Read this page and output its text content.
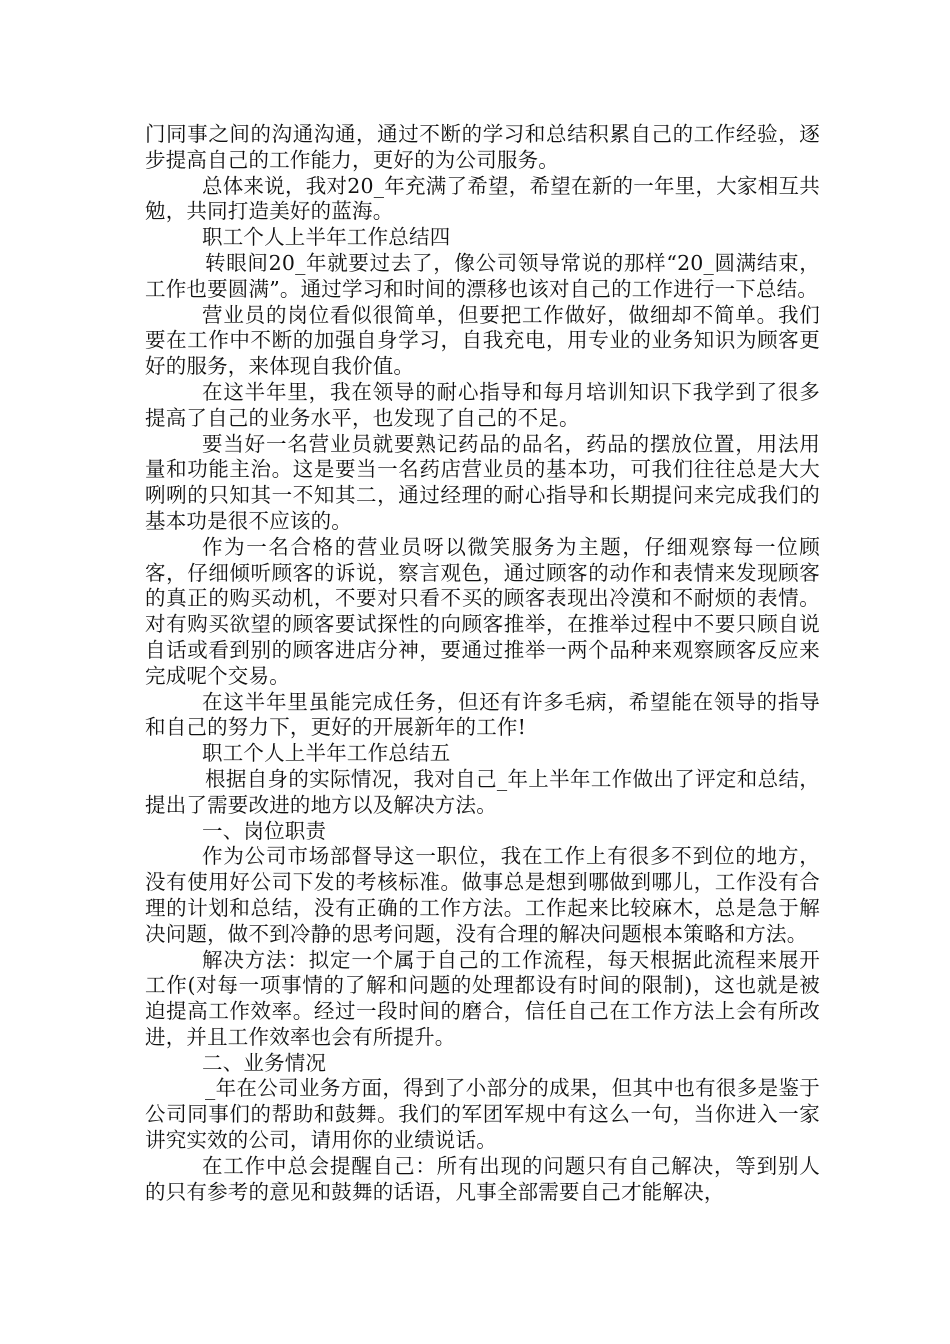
门同事之间的沟通沟通，通过不断的学习和总结积累自己的工作经验，逐步提高自己的工作能力，更好的为公司服务。

总体来说，我对20_年充满了希望，希望在新的一年里，大家相互共勉，共同打造美好的蓝海。

职工个人上半年工作总结四

转眼间20_年就要过去了，像公司领导常说的那样“20_圆满结束，工作也要圆满”。通过学习和时间的漂移也该对自己的工作进行一下总结。

营业员的岗位看似很简单，但要把工作做好，做细却不简单。我们要在工作中不断的加强自身学习，自我充电，用专业的业务知识为顾客更好的服务，来体现自我价值。

在这半年里，我在领导的耐心指导和每月培训知识下我学到了很多提高了自己的业务水平，也发现了自己的不足。

要当好一名营业员就要熟记药品的品名，药品的摆放位置，用法用量和功能主治。这是要当一名药店营业员的基本功，可我们往往总是大大咧咧的只知其一不知其二，通过经理的耐心指导和长期提问来完成我们的基本功是很不应该的。

作为一名合格的营业员呀以微笑服务为主题，仔细观察每一位顾客，仔细倾听顾客的诉说，察言观色，通过顾客的动作和表情来发现顾客的真正的购买动机，不要对只看不买的顾客表现出冷漠和不耐烦的表情。对有购买欲望的顾客要试探性的向顾客推举，在推举过程中不要只顾自说自话或看到别的顾客进店分神，要通过推举一两个品种来观察顾客反应来完成呢个交易。

在这半年里虽能完成任务，但还有许多毛病，希望能在领导的指导和自己的努力下，更好的开展新年的工作!

职工个人上半年工作总结五

根据自身的实际情况，我对自己_年上半年工作做出了评定和总结，提出了需要改进的地方以及解决方法。

一、岗位职责

作为公司市场部督导这一职位，我在工作上有很多不到位的地方，没有使用好公司下发的考核标准。做事总是想到哪做到哪儿，工作没有合理的计划和总结，没有正确的工作方法。工作起来比较麻木，总是急于解决问题，做不到冷静的思考问题，没有合理的解决问题根本策略和方法。

解决方法：拟定一个属于自己的工作流程，每天根据此流程来展开工作(对每一项事情的了解和问题的处理都设有时间的限制)，这也就是被迫提高工作效率。经过一段时间的磨合，信任自己在工作方法上会有所改进，并且工作效率也会有所提升。

二、业务情况

_年在公司业务方面，得到了小部分的成果，但其中也有很多是鉴于公司同事们的帮助和鼓舞。我们的军团军规中有这么一句，当你进入一家讲究实效的公司，请用你的业绩说话。

在工作中总会提醒自己：所有出现的问题只有自己解决，等到别人的只有参考的意见和鼓舞的话语，凡事全部需要自己才能解决，
